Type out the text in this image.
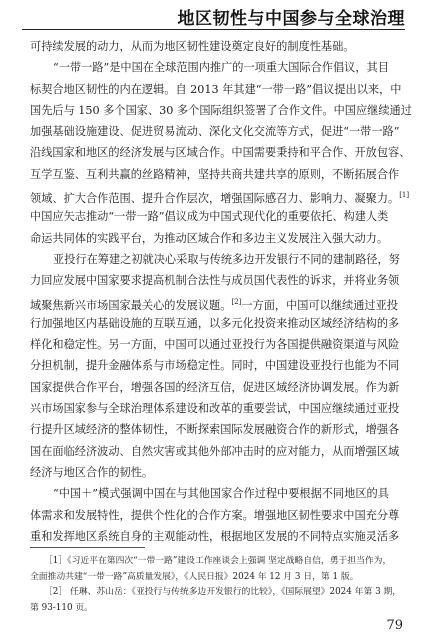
地区韧性与中国参与全球治理
可持续发展的动力，从而为地区韧性建设奠定良好的制度性基础。
“一带一路”是中国在全球范围内推广的一项重大国际合作倡议，其目
标契合地区韧性的内在逻辑。自 2013 年其建“一带一路”倡议提出以来，中
国先后与 150 多个国家、30 多个国际组织签署了合作文件。中国应继续通过
加强基础设施建设、促进贸易流动、深化文化交流等方式，促进“一带一路”
沿线国家和地区的经济发展与区域合作。中国需要秉持和平合作、开放包容、
互学互鉴、互利共赢的丝路精神，坚持共商共建共享的原则，不断拓展合作
领域、扩大合作范围、提升合作层次，增强国际感召力、影响力、凝聚力。[1]
中国应矢志推动“一带一路”倡议成为中国式现代化的重要依托、构建人类
命运共同体的实践平台，为推动区域合作和多边主义发展注入强大动力。
亚投行在筹建之初就决心采取与传统多边开发银行不同的建制路径，努
力回应发展中国家要求提高机制合法性与成员国代表性的诉求，并将业务领
域聚焦新兴市场国家最关心的发展议题。[2]一方面，中国可以继续通过亚投
行加强地区内基础设施的互联互通，以多元化投资来推动区域经济结构的多
样化和稳定性。另一方面，中国可以通过亚投行为各国提供融资渠道与风险
分担机制，提升金融体系与市场稳定性。同时，中国建设亚投行也能为不同
国家提供合作平台，增强各国的经济互信，促进区域经济协调发展。作为新
兴市场国家参与全球治理体系建设和改革的重要尝试，中国应继续通过亚投
行提升区域经济的整体韧性，不断探索国际发展融资合作的新形式，增强各
国在面临经济波动、自然灾害或其他外部冲击时的应对能力，从而增强区域
经济与地区合作的韧性。
“中国＋”模式强调中国在与其他国家合作过程中要根据不同地区的具
体需求和发展特性，提供个性化的合作方案。增强地区韧性要求中国充分尊
重和发挥地区系统自身的主观能动性，根据地区发展的不同特点实施灵活多
［1］《习近平在第四次“一带一路”建设工作座谈会上强调 坚定战略自信，勇于担当作为，
全面推动共建“一带一路”高质量发展》，《人民日报》2024 年 12 月 3 日，第 1 版。
［2］ 任琳、苏山岳：《亚投行与传统多边开发银行的比较》，《国际展望》2024 年第 3 期，
第 93-110 页。
79
